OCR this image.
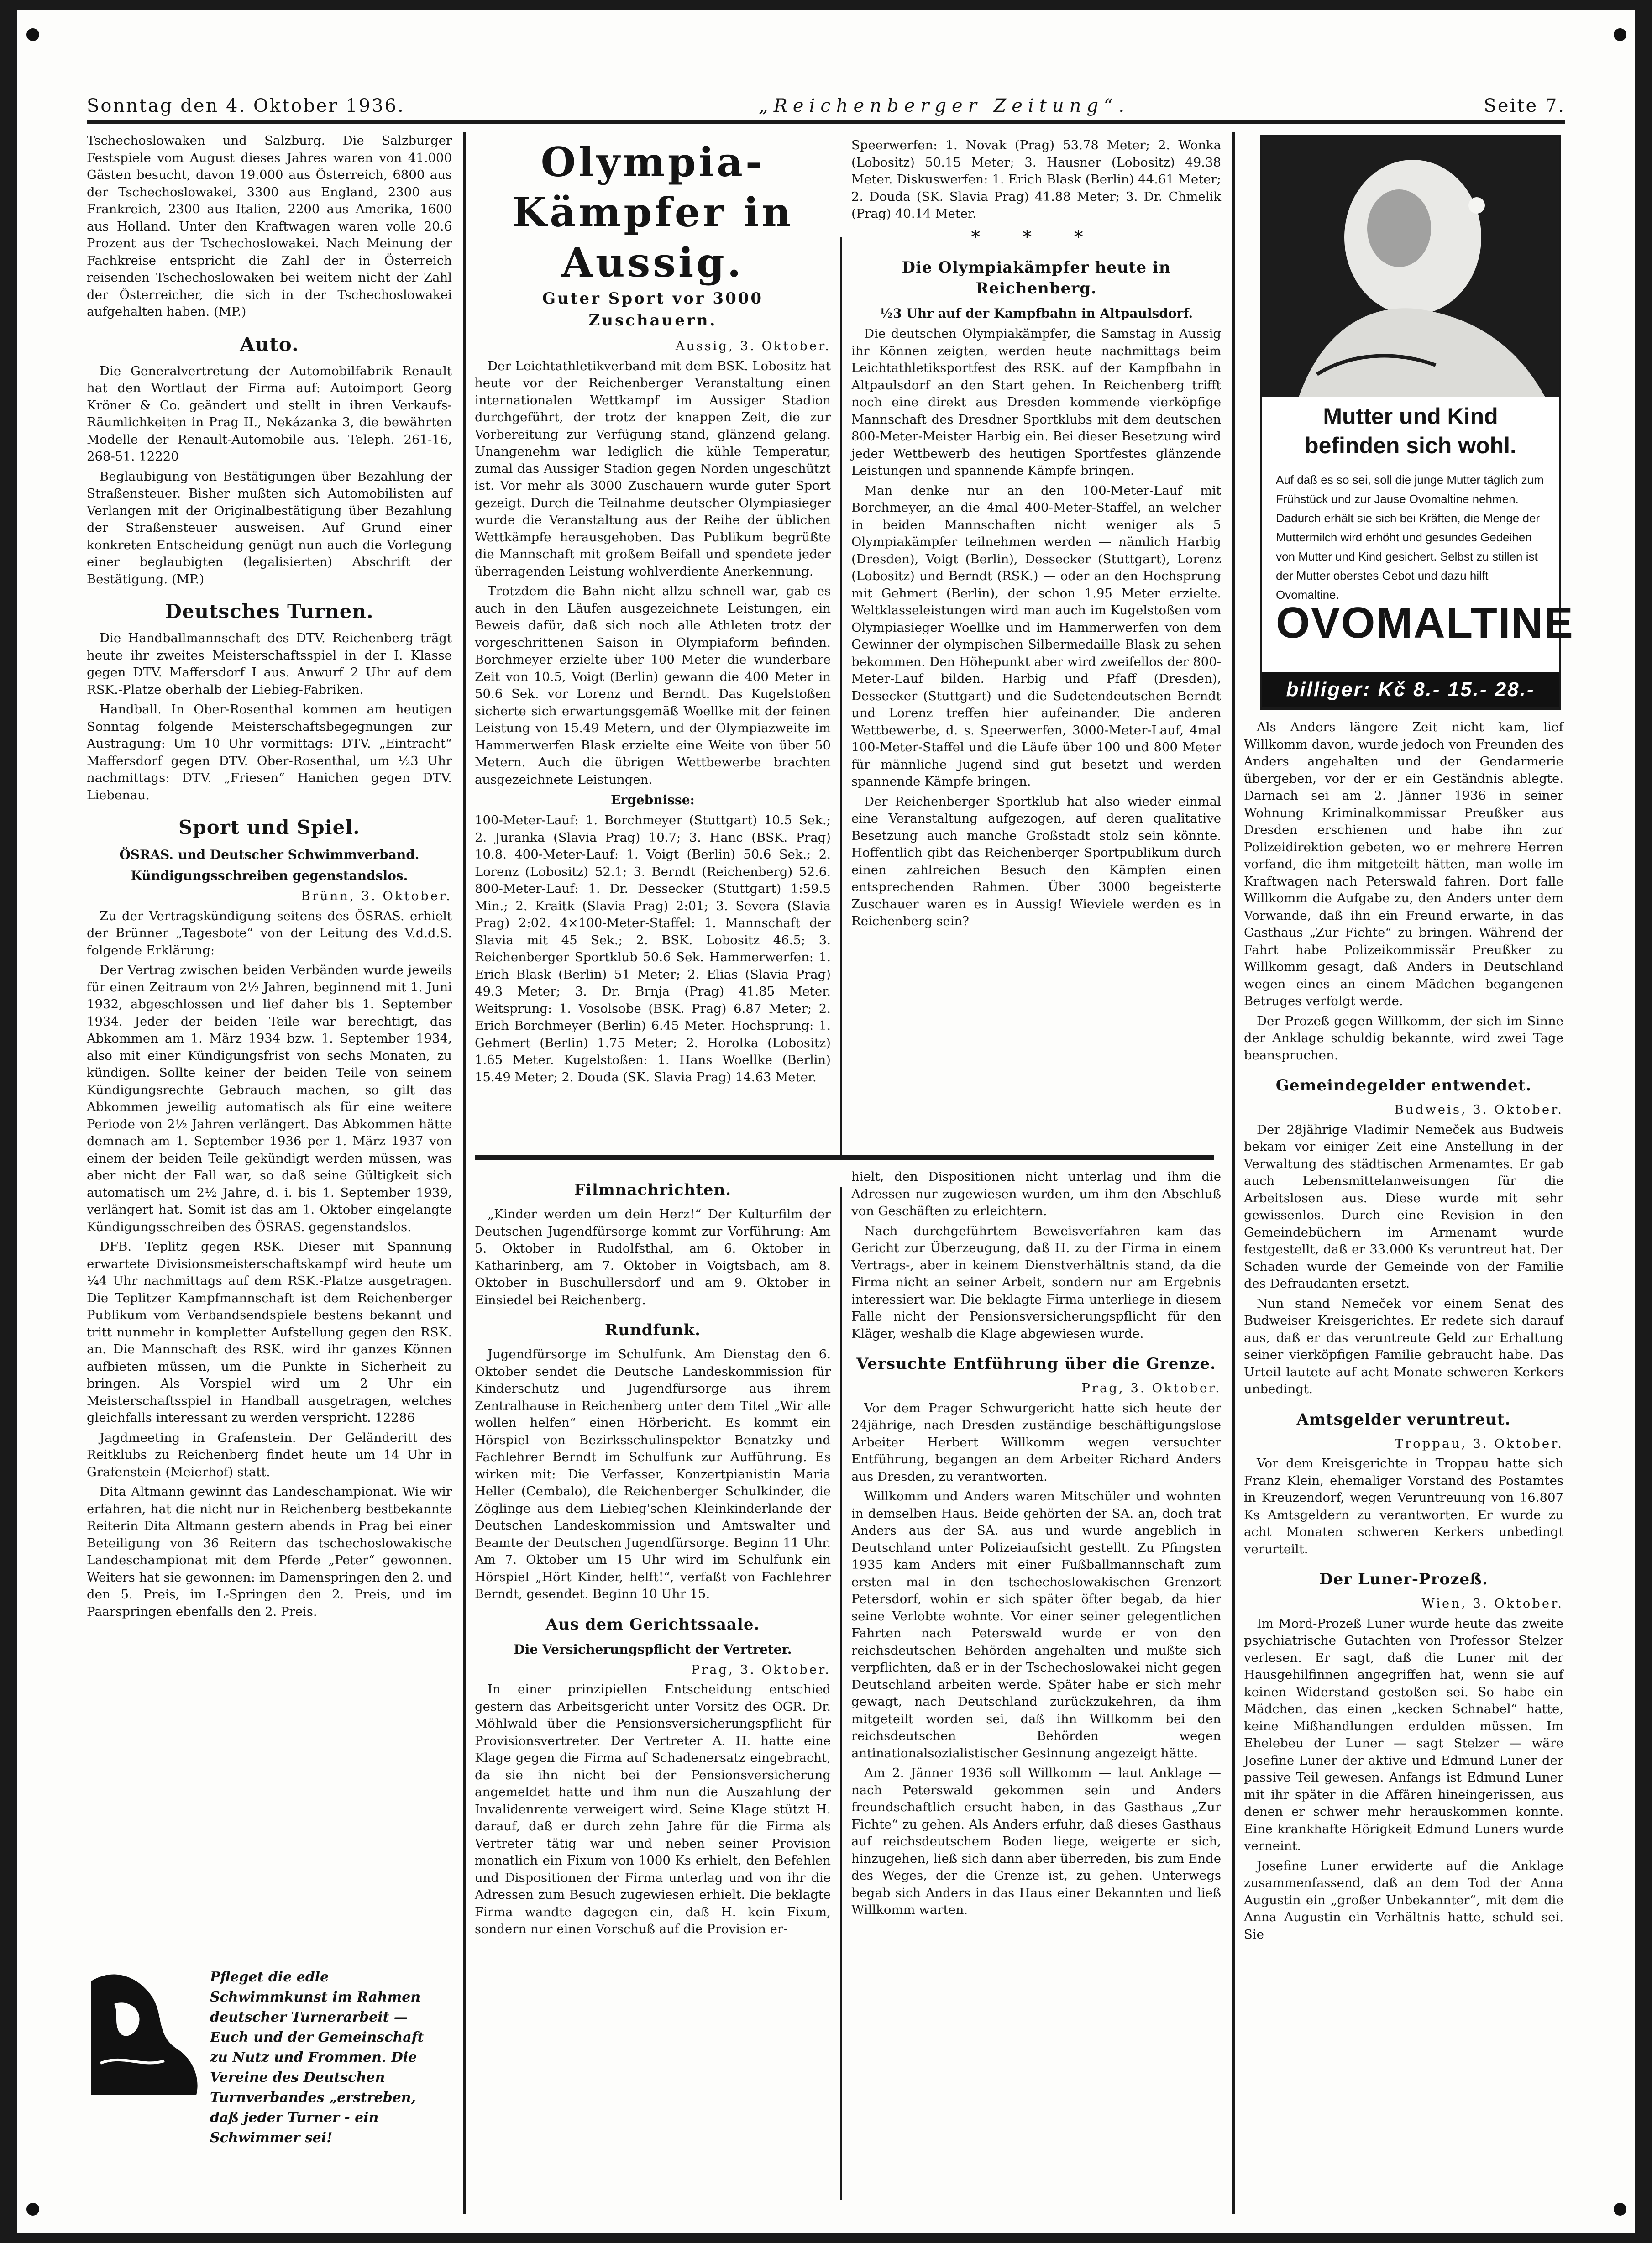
Sonntag den 4. Oktober 1936.	„Reichenberger Zeitung“.	Seite 7.

Tschechoslowaken und Salzburg. Die Salzburger Festspiele vom August dieses Jahres waren von 41.000 Gästen besucht, davon 19.000 aus Österreich, 6800 aus der Tschechoslowakei, 3300 aus England, 2300 aus Frankreich, 2300 aus Italien, 2200 aus Amerika, 1600 aus Holland. Unter den Kraftwagen waren volle 20.6 Prozent aus der Tschechoslowakei. Nach Meinung der Fachkreise entspricht die Zahl der in Österreich reisenden Tschechoslowaken bei weitem nicht der Zahl der Österreicher, die sich in der Tschechoslowakei aufgehalten haben. (MP.)

Auto.

Die Generalvertretung der Automobilfabrik Renault hat den Wortlaut der Firma auf: Autoimport Georg Kröner & Co. geändert und stellt in ihren Verkaufs-Räumlichkeiten in Prag II., Nekázanka 3, die bewährten Modelle der Renault-Automobile aus. Teleph. 261-16, 268-51. 12220

Beglaubigung von Bestätigungen über Bezahlung der Straßensteuer. Bisher mußten sich Automobilisten auf Verlangen mit der Originalbestätigung über Bezahlung der Straßensteuer ausweisen. Auf Grund einer konkreten Entscheidung genügt nun auch die Vorlegung einer beglaubigten (legalisierten) Abschrift der Bestätigung. (MP.)

Deutsches Turnen.

Die Handballmannschaft des DTV. Reichenberg trägt heute ihr zweites Meisterschaftsspiel in der I. Klasse gegen DTV. Maffersdorf I aus. Anwurf 2 Uhr auf dem RSK.-Platze oberhalb der Liebieg-Fabriken.

Handball. In Ober-Rosenthal kommen am heutigen Sonntag folgende Meisterschaftsbegegnungen zur Austragung: Um 10 Uhr vormittags: DTV. „Eintracht“ Maffersdorf gegen DTV. Ober-Rosenthal, um ½3 Uhr nachmittags: DTV. „Friesen“ Hanichen gegen DTV. Liebenau.

Sport und Spiel.
ÖSRAS. und Deutscher Schwimmverband.
Kündigungsschreiben gegenstandslos.
Brünn, 3. Oktober.

Zu der Vertragskündigung seitens des ÖSRAS. erhielt der Brünner „Tagesbote“ von der Leitung des V.d.d.S. folgende Erklärung:

Der Vertrag zwischen beiden Verbänden wurde jeweils für einen Zeitraum von 2½ Jahren, beginnend mit 1. Juni 1932, abgeschlossen und lief daher bis 1. September 1934. Jeder der beiden Teile war berechtigt, das Abkommen am 1. März 1934 bzw. 1. September 1934, also mit einer Kündigungsfrist von sechs Monaten, zu kündigen. Sollte keiner der beiden Teile von seinem Kündigungsrechte Gebrauch machen, so gilt das Abkommen jeweilig automatisch als für eine weitere Periode von 2½ Jahren verlängert. Das Abkommen hätte demnach am 1. September 1936 per 1. März 1937 von einem der beiden Teile gekündigt werden müssen, was aber nicht der Fall war, so daß seine Gültigkeit sich automatisch um 2½ Jahre, d. i. bis 1. September 1939, verlängert hat. Somit ist das am 1. Oktober eingelangte Kündigungsschreiben des ÖSRAS. gegenstandslos.

DFB. Teplitz gegen RSK. Dieser mit Spannung erwartete Divisionsmeisterschaftskampf wird heute um ¼4 Uhr nachmittags auf dem RSK.-Platze ausgetragen. Die Teplitzer Kampfmannschaft ist dem Reichenberger Publikum vom Verbandsendspiele bestens bekannt und tritt nunmehr in kompletter Aufstellung gegen den RSK. an. Die Mannschaft des RSK. wird ihr ganzes Können aufbieten müssen, um die Punkte in Sicherheit zu bringen. Als Vorspiel wird um 2 Uhr ein Meisterschaftsspiel in Handball ausgetragen, welches gleichfalls interessant zu werden verspricht. 12286

Jagdmeeting in Grafenstein. Der Geländeritt des Reitklubs zu Reichenberg findet heute um 14 Uhr in Grafenstein (Meierhof) statt.

Dita Altmann gewinnt das Landeschampionat. Wie wir erfahren, hat die nicht nur in Reichenberg bestbekannte Reiterin Dita Altmann gestern abends in Prag bei einer Beteiligung von 36 Reitern das tschechoslowakische Landeschampionat mit dem Pferde „Peter“ gewonnen. Weiters hat sie gewonnen: im Damenspringen den 2. und den 5. Preis, im L-Springen den 2. Preis, und im Paarspringen ebenfalls den 2. Preis.

Pfleget die edle Schwimmkunst im Rahmen deutscher Turnerarbeit — Euch und der Gemeinschaft zu Nutz und Frommen. Die Vereine des Deutschen Turnverbandes „erstreben, daß jeder Turner - ein Schwimmer sei!
Olympia-Kämpfer in Aussig.
Guter Sport vor 3000 Zuschauern.
Aussig, 3. Oktober.

Der Leichtathletikverband mit dem BSK. Lobositz hat heute vor der Reichenberger Veranstaltung einen internationalen Wettkampf im Aussiger Stadion durchgeführt, der trotz der knappen Zeit, die zur Vorbereitung zur Verfügung stand, glänzend gelang. Unangenehm war lediglich die kühle Temperatur, zumal das Aussiger Stadion gegen Norden ungeschützt ist. Vor mehr als 3000 Zuschauern wurde guter Sport gezeigt. Durch die Teilnahme deutscher Olympiasieger wurde die Veranstaltung aus der Reihe der üblichen Wettkämpfe herausgehoben. Das Publikum begrüßte die Mannschaft mit großem Beifall und spendete jeder überragenden Leistung wohlverdiente Anerkennung.

Trotzdem die Bahn nicht allzu schnell war, gab es auch in den Läufen ausgezeichnete Leistungen, ein Beweis dafür, daß sich noch alle Athleten trotz der vorgeschrittenen Saison in Olympiaform befinden. Borchmeyer erzielte über 100 Meter die wunderbare Zeit von 10.5, Voigt (Berlin) gewann die 400 Meter in 50.6 Sek. vor Lorenz und Berndt. Das Kugelstoßen sicherte sich erwartungsgemäß Woellke mit der feinen Leistung von 15.49 Metern, und der Olympiazweite im Hammerwerfen Blask erzielte eine Weite von über 50 Metern. Auch die übrigen Wettbewerbe brachten ausgezeichnete Leistungen.

Ergebnisse:

100-Meter-Lauf: 1. Borchmeyer (Stuttgart) 10.5 Sek.; 2. Juranka (Slavia Prag) 10.7; 3. Hanc (BSK. Prag) 10.8. 400-Meter-Lauf: 1. Voigt (Berlin) 50.6 Sek.; 2. Lorenz (Lobositz) 52.1; 3. Berndt (Reichenberg) 52.6. 800-Meter-Lauf: 1. Dr. Dessecker (Stuttgart) 1:59.5 Min.; 2. Kraitk (Slavia Prag) 2:01; 3. Severa (Slavia Prag) 2:02. 4×100-Meter-Staffel: 1. Mannschaft der Slavia mit 45 Sek.; 2. BSK. Lobositz 46.5; 3. Reichenberger Sportklub 50.6 Sek. Hammerwerfen: 1. Erich Blask (Berlin) 51 Meter; 2. Elias (Slavia Prag) 49.3 Meter; 3. Dr. Brnja (Prag) 41.85 Meter. Weitsprung: 1. Vosolsobe (BSK. Prag) 6.87 Meter; 2. Erich Borchmeyer (Berlin) 6.45 Meter. Hochsprung: 1. Gehmert (Berlin) 1.75 Meter; 2. Horolka (Lobositz) 1.65 Meter. Kugelstoßen: 1. Hans Woellke (Berlin) 15.49 Meter; 2. Douda (SK. Slavia Prag) 14.63 Meter.

Filmnachrichten.

„Kinder werden um dein Herz!“ Der Kulturfilm der Deutschen Jugendfürsorge kommt zur Vorführung: Am 5. Oktober in Rudolfsthal, am 6. Oktober in Katharinberg, am 7. Oktober in Voigtsbach, am 8. Oktober in Buschullersdorf und am 9. Oktober in Einsiedel bei Reichenberg.

Rundfunk.

Jugendfürsorge im Schulfunk. Am Dienstag den 6. Oktober sendet die Deutsche Landeskommission für Kinderschutz und Jugendfürsorge aus ihrem Zentralhause in Reichenberg unter dem Titel „Wir alle wollen helfen“ einen Hörbericht. Es kommt ein Hörspiel von Bezirksschulinspektor Benatzky und Fachlehrer Berndt im Schulfunk zur Aufführung. Es wirken mit: Die Verfasser, Konzertpianistin Maria Heller (Cembalo), die Reichenberger Schulkinder, die Zöglinge aus dem Liebieg'schen Kleinkinderlande der Deutschen Landeskommission und Amtswalter und Beamte der Deutschen Jugendfürsorge. Beginn 11 Uhr. Am 7. Oktober um 15 Uhr wird im Schulfunk ein Hörspiel „Hört Kinder, helft!“, verfaßt von Fachlehrer Berndt, gesendet. Beginn 10 Uhr 15.

Aus dem Gerichtssaale.
Die Versicherungspflicht der Vertreter.
Prag, 3. Oktober.

In einer prinzipiellen Entscheidung entschied gestern das Arbeitsgericht unter Vorsitz des OGR. Dr. Möhlwald über die Pensionsversicherungspflicht für Provisionsvertreter. Der Vertreter A. H. hatte eine Klage gegen die Firma auf Schadenersatz eingebracht, da sie ihn nicht bei der Pensionsversicherung angemeldet hatte und ihm nun die Auszahlung der Invalidenrente verweigert wird. Seine Klage stützt H. darauf, daß er durch zehn Jahre für die Firma als Vertreter tätig war und neben seiner Provision monatlich ein Fixum von 1000 Ks erhielt, den Befehlen und Dispositionen der Firma unterlag und von ihr die Adressen zum Besuch zugewiesen erhielt. Die beklagte Firma wandte dagegen ein, daß H. kein Fixum, sondern nur einen Vorschuß auf die Provision er-

Speerwerfen: 1. Novak (Prag) 53.78 Meter; 2. Wonka (Lobositz) 50.15 Meter; 3. Hausner (Lobositz) 49.38 Meter. Diskuswerfen: 1. Erich Blask (Berlin) 44.61 Meter; 2. Douda (SK. Slavia Prag) 41.88 Meter; 3. Dr. Chmelik (Prag) 40.14 Meter.

* * *
Die Olympiakämpfer heute in Reichenberg.
½3 Uhr auf der Kampfbahn in Altpaulsdorf.

Die deutschen Olympiakämpfer, die Samstag in Aussig ihr Können zeigten, werden heute nachmittags beim Leichtathletiksportfest des RSK. auf der Kampfbahn in Altpaulsdorf an den Start gehen. In Reichenberg trifft noch eine direkt aus Dresden kommende vierköpfige Mannschaft des Dresdner Sportklubs mit dem deutschen 800-Meter-Meister Harbig ein. Bei dieser Besetzung wird jeder Wettbewerb des heutigen Sportfestes glänzende Leistungen und spannende Kämpfe bringen.

Man denke nur an den 100-Meter-Lauf mit Borchmeyer, an die 4mal 400-Meter-Staffel, an welcher in beiden Mannschaften nicht weniger als 5 Olympiakämpfer teilnehmen werden — nämlich Harbig (Dresden), Voigt (Berlin), Dessecker (Stuttgart), Lorenz (Lobositz) und Berndt (RSK.) — oder an den Hochsprung mit Gehmert (Berlin), der schon 1.95 Meter erzielte. Weltklasseleistungen wird man auch im Kugelstoßen vom Olympiasieger Woellke und im Hammerwerfen von dem Gewinner der olympischen Silbermedaille Blask zu sehen bekommen. Den Höhepunkt aber wird zweifellos der 800-Meter-Lauf bilden. Harbig und Pfaff (Dresden), Dessecker (Stuttgart) und die Sudetendeutschen Berndt und Lorenz treffen hier aufeinander. Die anderen Wettbewerbe, d. s. Speerwerfen, 3000-Meter-Lauf, 4mal 100-Meter-Staffel und die Läufe über 100 und 800 Meter für männliche Jugend sind gut besetzt und werden spannende Kämpfe bringen.

Der Reichenberger Sportklub hat also wieder einmal eine Veranstaltung aufgezogen, auf deren qualitative Besetzung auch manche Großstadt stolz sein könnte. Hoffentlich gibt das Reichenberger Sportpublikum durch einen zahlreichen Besuch den Kämpfen einen entsprechenden Rahmen. Über 3000 begeisterte Zuschauer waren es in Aussig! Wieviele werden es in Reichenberg sein?

hielt, den Dispositionen nicht unterlag und ihm die Adressen nur zugewiesen wurden, um ihm den Abschluß von Geschäften zu erleichtern.

Nach durchgeführtem Beweisverfahren kam das Gericht zur Überzeugung, daß H. zu der Firma in einem Vertrags-, aber in keinem Dienstverhältnis stand, da die Firma nicht an seiner Arbeit, sondern nur am Ergebnis interessiert war. Die beklagte Firma unterliege in diesem Falle nicht der Pensionsversicherungspflicht für den Kläger, weshalb die Klage abgewiesen wurde.

Versuchte Entführung über die Grenze.
Prag, 3. Oktober.

Vor dem Prager Schwurgericht hatte sich heute der 24jährige, nach Dresden zuständige beschäftigungslose Arbeiter Herbert Willkomm wegen versuchter Entführung, begangen an dem Arbeiter Richard Anders aus Dresden, zu verantworten.

Willkomm und Anders waren Mitschüler und wohnten in demselben Haus. Beide gehörten der SA. an, doch trat Anders aus der SA. aus und wurde angeblich in Deutschland unter Polizeiaufsicht gestellt. Zu Pfingsten 1935 kam Anders mit einer Fußballmannschaft zum ersten mal in den tschechoslowakischen Grenzort Petersdorf, wohin er sich später öfter begab, da hier seine Verlobte wohnte. Vor einer seiner gelegentlichen Fahrten nach Peterswald wurde er von den reichsdeutschen Behörden angehalten und mußte sich verpflichten, daß er in der Tschechoslowakei nicht gegen Deutschland arbeiten werde. Später habe er sich mehr gewagt, nach Deutschland zurückzukehren, da ihm mitgeteilt worden sei, daß ihn Willkomm bei den reichsdeutschen Behörden wegen antinationalsozialistischer Gesinnung angezeigt hätte.

Am 2. Jänner 1936 soll Willkomm — laut Anklage — nach Peterswald gekommen sein und Anders freundschaftlich ersucht haben, in das Gasthaus „Zur Fichte“ zu gehen. Als Anders erfuhr, daß dieses Gasthaus auf reichsdeutschem Boden liege, weigerte er sich, hinzugehen, ließ sich dann aber überreden, bis zum Ende des Weges, der die Grenze ist, zu gehen. Unterwegs begab sich Anders in das Haus einer Bekannten und ließ Willkomm warten.

Mutter und Kind
befinden sich wohl.
Auf daß es so sei, soll die junge Mutter täglich zum Frühstück und zur Jause Ovomaltine nehmen. Dadurch erhält sie sich bei Kräften, die Menge der Muttermilch wird erhöht und gesundes Gedeihen von Mutter und Kind gesichert. Selbst zu stillen ist der Mutter oberstes Gebot und dazu hilft Ovomaltine.
OVOMALTINE
billiger: Kč 8.- 15.- 28.-

Als Anders längere Zeit nicht kam, lief Willkomm davon, wurde jedoch von Freunden des Anders angehalten und der Gendarmerie übergeben, vor der er ein Geständnis ablegte. Darnach sei am 2. Jänner 1936 in seiner Wohnung Kriminalkommissar Preußker aus Dresden erschienen und habe ihn zur Polizeidirektion gebeten, wo er mehrere Herren vorfand, die ihm mitgeteilt hätten, man wolle im Kraftwagen nach Peterswald fahren. Dort falle Willkomm die Aufgabe zu, den Anders unter dem Vorwande, daß ihn ein Freund erwarte, in das Gasthaus „Zur Fichte“ zu bringen. Während der Fahrt habe Polizeikommissär Preußker zu Willkomm gesagt, daß Anders in Deutschland wegen eines an einem Mädchen begangenen Betruges verfolgt werde.

Der Prozeß gegen Willkomm, der sich im Sinne der Anklage schuldig bekannte, wird zwei Tage beanspruchen.

Gemeindegelder entwendet.
Budweis, 3. Oktober.

Der 28jährige Vladimir Nemeček aus Budweis bekam vor einiger Zeit eine Anstellung in der Verwaltung des städtischen Armenamtes. Er gab auch Lebensmittelanweisungen für die Arbeitslosen aus. Diese wurde mit sehr gewissenlos. Durch eine Revision in den Gemeindebüchern im Armenamt wurde festgestellt, daß er 33.000 Ks veruntreut hat. Der Schaden wurde der Gemeinde von der Familie des Defraudanten ersetzt.

Nun stand Nemeček vor einem Senat des Budweiser Kreisgerichtes. Er redete sich darauf aus, daß er das veruntreute Geld zur Erhaltung seiner vierköpfigen Familie gebraucht habe. Das Urteil lautete auf acht Monate schweren Kerkers unbedingt.

Amtsgelder veruntreut.
Troppau, 3. Oktober.

Vor dem Kreisgerichte in Troppau hatte sich Franz Klein, ehemaliger Vorstand des Postamtes in Kreuzendorf, wegen Veruntreuung von 16.807 Ks Amtsgeldern zu verantworten. Er wurde zu acht Monaten schweren Kerkers unbedingt verurteilt.

Der Luner-Prozeß.
Wien, 3. Oktober.

Im Mord-Prozeß Luner wurde heute das zweite psychiatrische Gutachten von Professor Stelzer verlesen. Er sagt, daß die Luner mit der Hausgehilfinnen angegriffen hat, wenn sie auf keinen Widerstand gestoßen sei. So habe ein Mädchen, das einen „kecken Schnabel“ hatte, keine Mißhandlungen erdulden müssen. Im Ehelebeu der Luner — sagt Stelzer — wäre Josefine Luner der aktive und Edmund Luner der passive Teil gewesen. Anfangs ist Edmund Luner mit ihr später in die Affären hineingerissen, aus denen er schwer mehr herauskommen konnte. Eine krankhafte Hörigkeit Edmund Luners wurde verneint.

Josefine Luner erwiderte auf die Anklage zusammenfassend, daß an dem Tod der Anna Augustin ein „großer Unbekannter“, mit dem die Anna Augustin ein Verhältnis hatte, schuld sei. Sie
